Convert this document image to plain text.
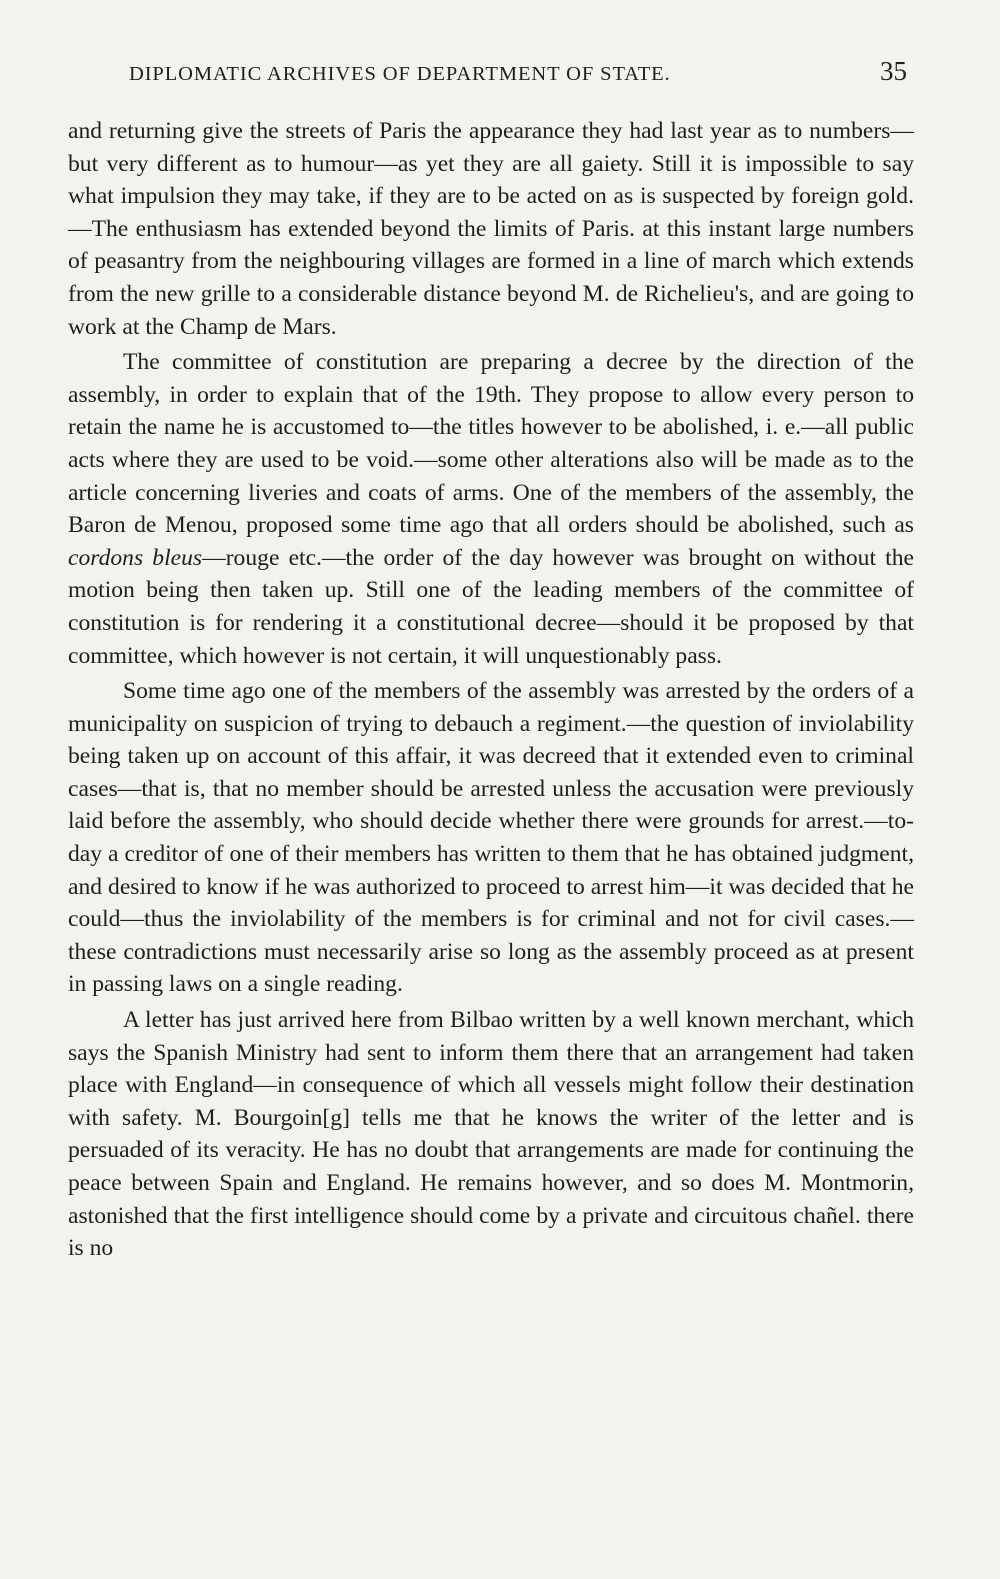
DIPLOMATIC ARCHIVES OF DEPARTMENT OF STATE.	35

and returning give the streets of Paris the appearance they had last year as to numbers—but very different as to humour—as yet they are all gaiety. Still it is impossible to say what impulsion they may take, if they are to be acted on as is suspected by foreign gold.—The enthusiasm has extended beyond the limits of Paris. at this instant large numbers of peasantry from the neighbouring villages are formed in a line of march which extends from the new grille to a considerable distance beyond M. de Richelieu's, and are going to work at the Champ de Mars.

The committee of constitution are preparing a decree by the direction of the assembly, in order to explain that of the 19th. They propose to allow every person to retain the name he is accustomed to—the titles however to be abolished, i. e.—all public acts where they are used to be void.—some other alterations also will be made as to the article concerning liveries and coats of arms. One of the members of the assembly, the Baron de Menou, proposed some time ago that all orders should be abolished, such as cordons bleus—rouge etc.—the order of the day however was brought on without the motion being then taken up. Still one of the leading members of the committee of constitution is for rendering it a constitutional decree—should it be proposed by that committee, which however is not certain, it will unquestionably pass.

Some time ago one of the members of the assembly was arrested by the orders of a municipality on suspicion of trying to debauch a regiment.—the question of inviolability being taken up on account of this affair, it was decreed that it extended even to criminal cases—that is, that no member should be arrested unless the accusation were previously laid before the assembly, who should decide whether there were grounds for arrest.—to-day a creditor of one of their members has written to them that he has obtained judgment, and desired to know if he was authorized to proceed to arrest him—it was decided that he could—thus the inviolability of the members is for criminal and not for civil cases.—these contradictions must necessarily arise so long as the assembly proceed as at present in passing laws on a single reading.

A letter has just arrived here from Bilbao written by a well known merchant, which says the Spanish Ministry had sent to inform them there that an arrangement had taken place with England—in consequence of which all vessels might follow their destination with safety. M. Bourgoin[g] tells me that he knows the writer of the letter and is persuaded of its veracity. He has no doubt that arrangements are made for continuing the peace between Spain and England. He remains however, and so does M. Montmorin, astonished that the first intelligence should come by a private and circuitous chañel. there is no
